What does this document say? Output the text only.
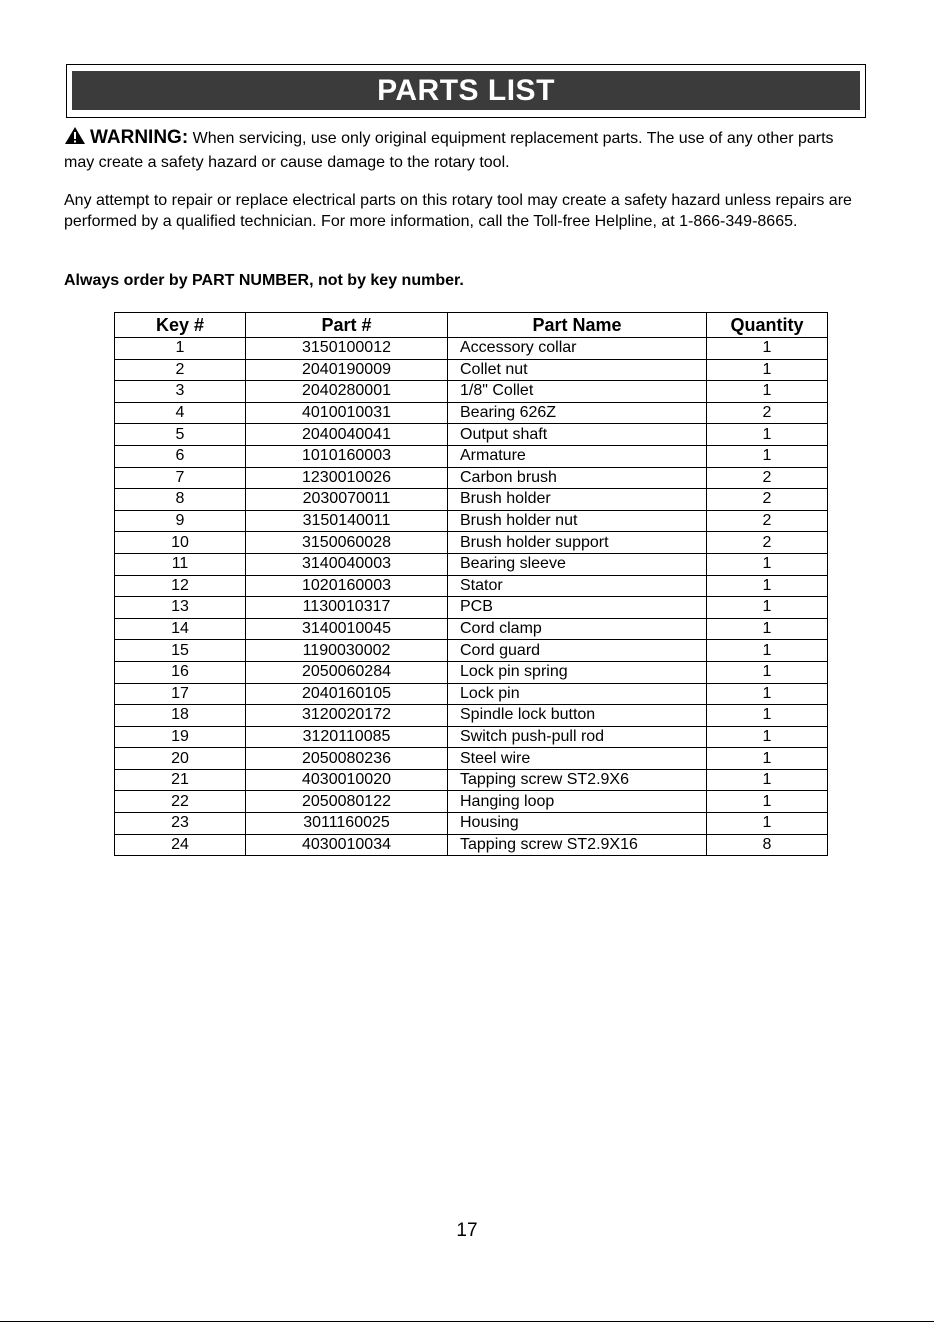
PARTS LIST
WARNING: When servicing, use only original equipment replacement parts. The use of any other parts may create a safety hazard or cause damage to the rotary tool.
Any attempt to repair or replace electrical parts on this rotary tool may create a safety hazard unless repairs are performed by a qualified technician. For more information, call the Toll-free Helpline, at 1-866-349-8665.
Always order by PART NUMBER, not by key number.
Key #	Part #	Part Name	Quantity
1	3150100012	Accessory collar	1
2	2040190009	Collet nut	1
3	2040280001	1/8" Collet	1
4	4010010031	Bearing 626Z	2
5	2040040041	Output shaft	1
6	1010160003	Armature	1
7	1230010026	Carbon brush	2
8	2030070011	Brush holder	2
9	3150140011	Brush holder nut	2
10	3150060028	Brush holder support	2
11	3140040003	Bearing sleeve	1
12	1020160003	Stator	1
13	1130010317	PCB	1
14	3140010045	Cord clamp	1
15	1190030002	Cord guard	1
16	2050060284	Lock pin spring	1
17	2040160105	Lock pin	1
18	3120020172	Spindle lock button	1
19	3120110085	Switch push-pull rod	1
20	2050080236	Steel wire	1
21	4030010020	Tapping screw ST2.9X6	1
22	2050080122	Hanging loop	1
23	3011160025	Housing	1
24	4030010034	Tapping screw ST2.9X16	8
17
